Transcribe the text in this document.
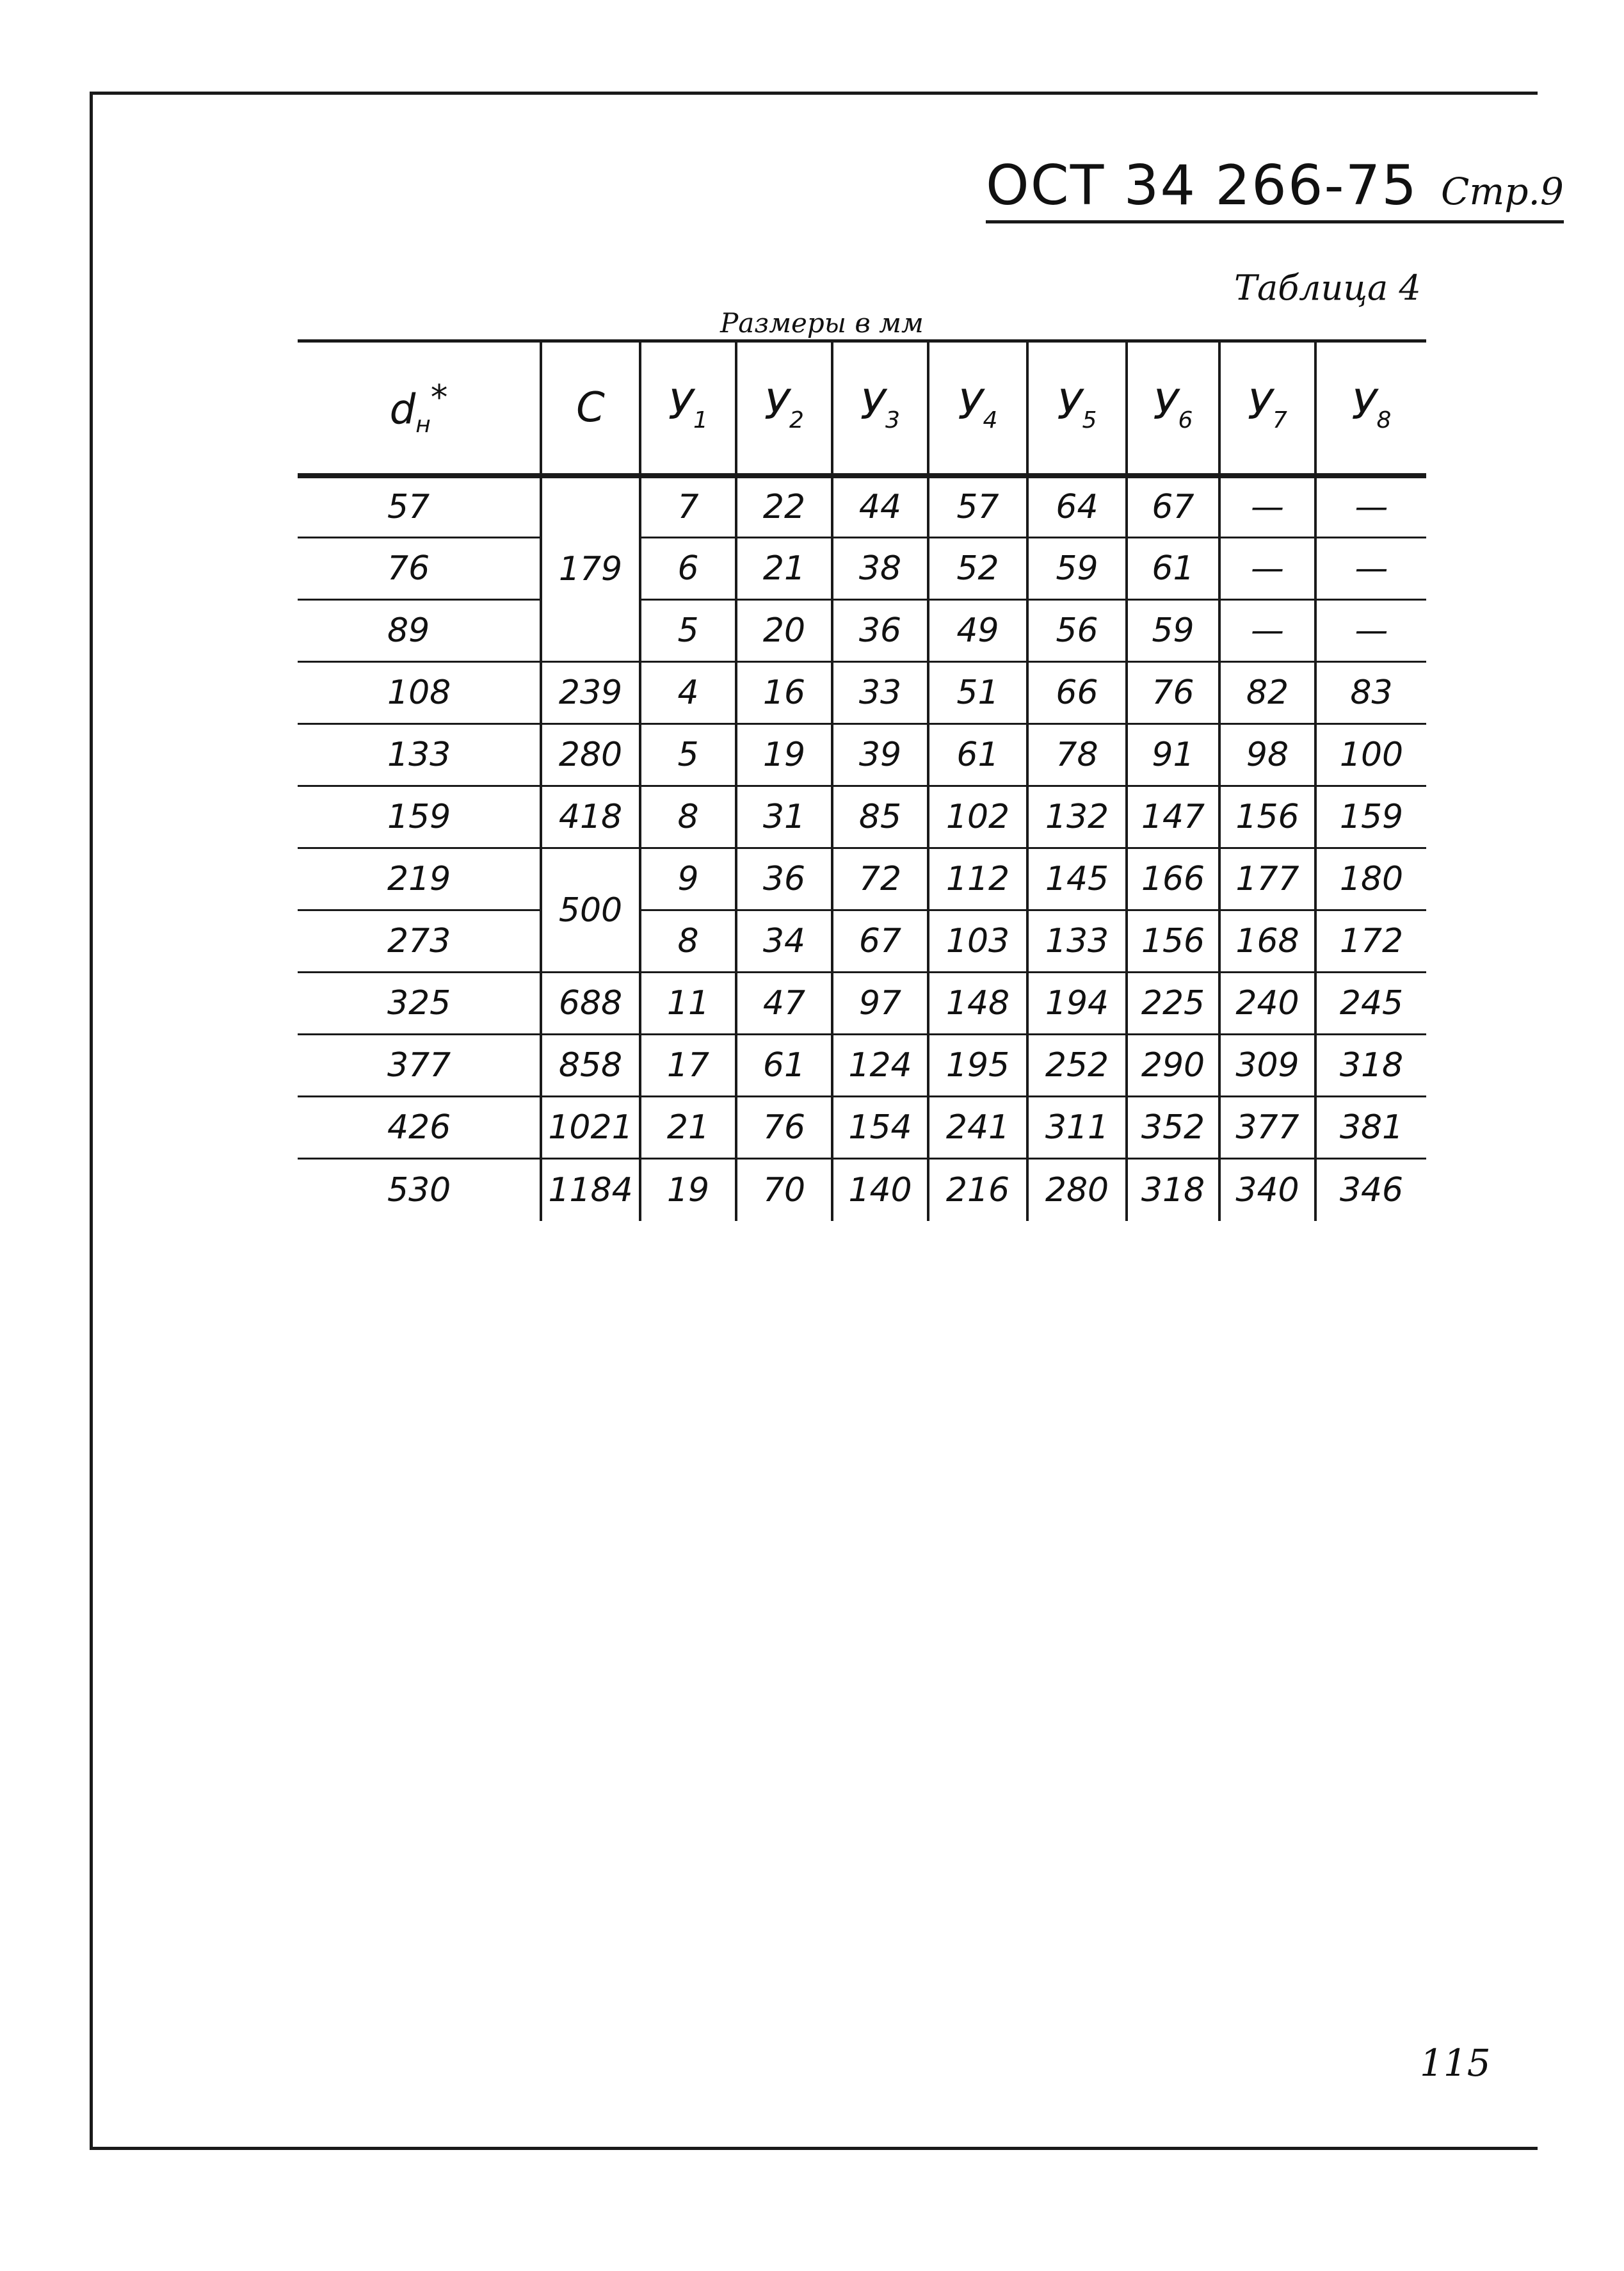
ОСТ 34 266-75 Стр.9
Таблица 4
Размеры в мм
$d_н^*$	С	$У_1$	$У_2$	$У_3$	$У_4$	$У_5$	$У_6$	$У_7$	$У_8$
57	179	7	22	44	57	64	67	—	—
76		6	21	38	52	59	61	—	—
89		5	20	36	49	56	59	—	—
108	239	4	16	33	51	66	76	82	83
133	280	5	19	39	61	78	91	98	100
159	418	8	31	85	102	132	147	156	159
219	500	9	36	72	112	145	166	177	180
273		8	34	67	103	133	156	168	172
325	688	11	47	97	148	194	225	240	245
377	858	17	61	124	195	252	290	309	318
426	1021	21	76	154	241	311	352	377	381
530	1184	19	70	140	216	280	318	340	346
115
